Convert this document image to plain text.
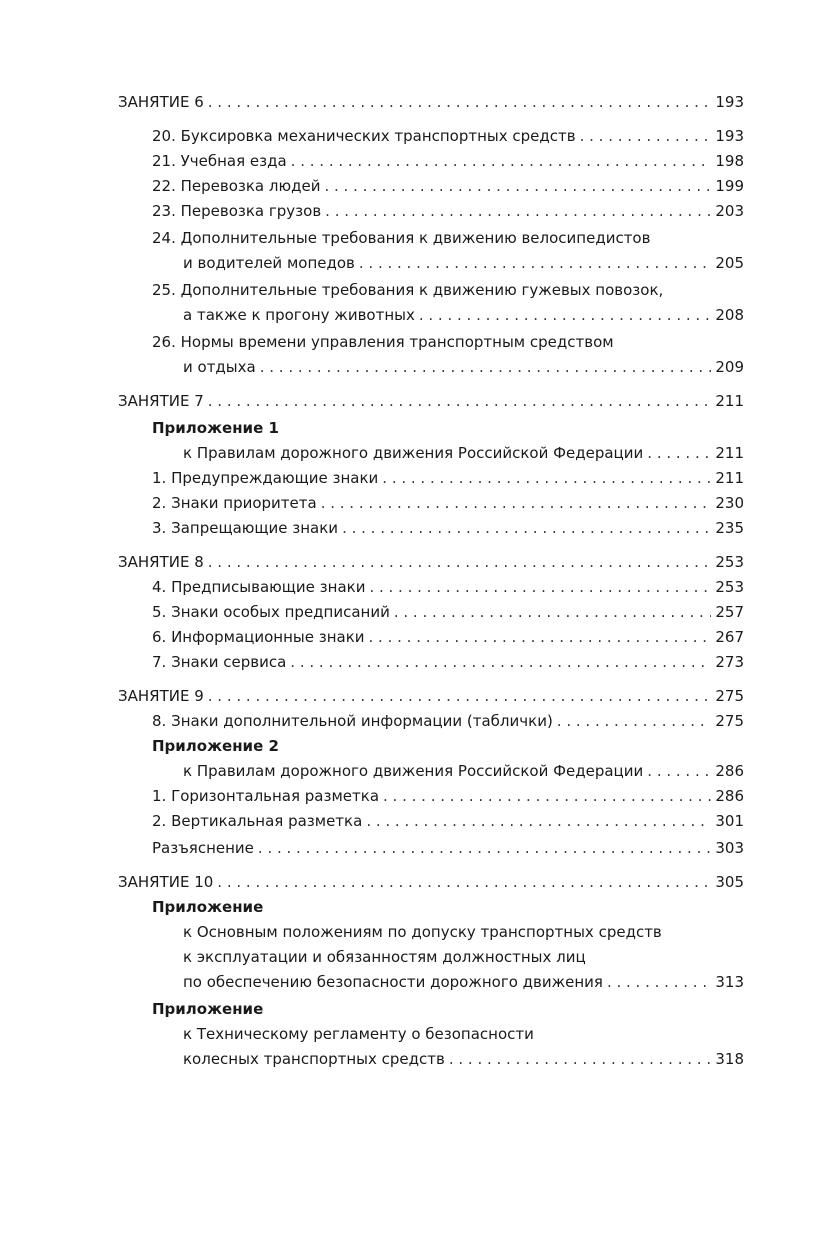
ЗАНЯТИЕ 6 . . .	193
20. Буксировка механических транспортных средств . . .	193
21. Учебная езда . . .	198
22. Перевозка людей . . .	199
23. Перевозка грузов . . .	203
24. Дополнительные требования к движению велосипедистов
и водителей мопедов . . .	205
25. Дополнительные требования к движению гужевых повозок,
а также к прогону животных . . .	208
26. Нормы времени управления транспортным средством
и отдыха . . .	209
ЗАНЯТИЕ 7 . . .	211
Приложение 1
к Правилам дорожного движения Российской Федерации . . .	211
1. Предупреждающие знаки . . .	211
2. Знаки приоритета . . .	230
3. Запрещающие знаки . . .	235
ЗАНЯТИЕ 8 . . .	253
4. Предписывающие знаки . . .	253
5. Знаки особых предписаний . . .	257
6. Информационные знаки . . .	267
7. Знаки сервиса . . .	273
ЗАНЯТИЕ 9 . . .	275
8. Знаки дополнительной информации (таблички) . . .	275
Приложение 2
к Правилам дорожного движения Российской Федерации . . .	286
1. Горизонтальная разметка . . .	286
2. Вертикальная разметка . . .	301
Разъяснение . . .	303
ЗАНЯТИЕ 10 . . .	305
Приложение
к Основным положениям по допуску транспортных средств
к эксплуатации и обязанностям должностных лиц
по обеспечению безопасности дорожного движения . . .	313
Приложение
к Техническому регламенту о безопасности
колесных транспортных средств . . .	318
